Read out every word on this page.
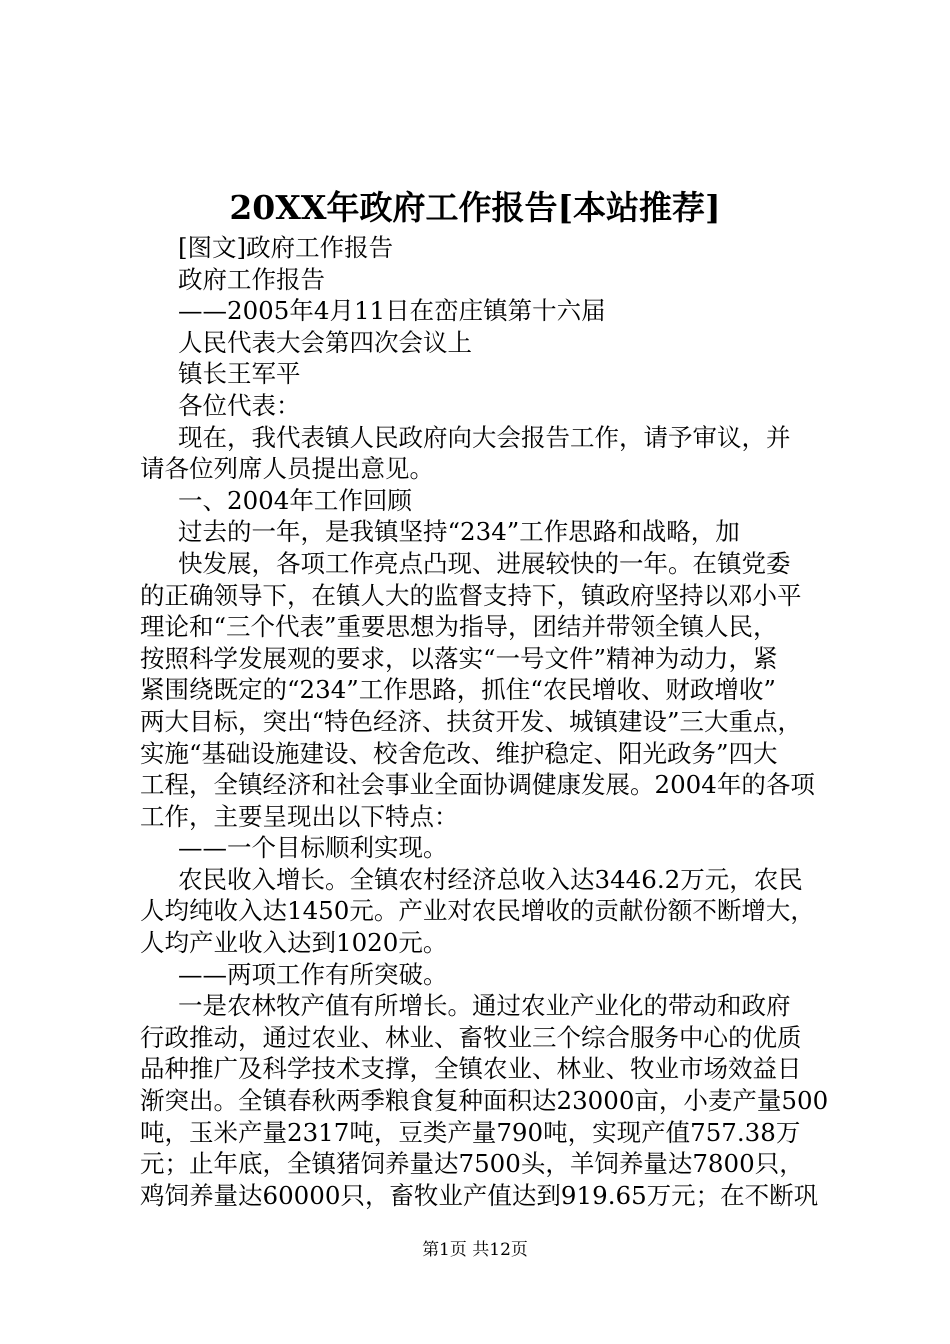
20XX年政府工作报告[本站推荐]

[图文]政府工作报告

政府工作报告

——2005年4月11日在峦庄镇第十六届

人民代表大会第四次会议上

镇长王军平

各位代表：

现在，我代表镇人民政府向大会报告工作，请予审议，并

请各位列席人员提出意见。

一、2004年工作回顾

过去的一年，是我镇坚持“234”工作思路和战略，加

快发展，各项工作亮点凸现、进展较快的一年。在镇党委

的正确领导下，在镇人大的监督支持下，镇政府坚持以邓小平

理论和“三个代表”重要思想为指导，团结并带领全镇人民，

按照科学发展观的要求，以落实“一号文件”精神为动力，紧

紧围绕既定的“234”工作思路，抓住“农民增收、财政增收”

两大目标，突出“特色经济、扶贫开发、城镇建设”三大重点，

实施“基础设施建设、校舍危改、维护稳定、阳光政务”四大

工程，全镇经济和社会事业全面协调健康发展。2004年的各项

工作，主要呈现出以下特点：

——一个目标顺利实现。

农民收入增长。全镇农村经济总收入达3446.2万元，农民

人均纯收入达1450元。产业对农民增收的贡献份额不断增大，

人均产业收入达到1020元。

——两项工作有所突破。

一是农林牧产值有所增长。通过农业产业化的带动和政府

行政推动，通过农业、林业、畜牧业三个综合服务中心的优质

品种推广及科学技术支撑，全镇农业、林业、牧业市场效益日

渐突出。全镇春秋两季粮食复种面积达23000亩，小麦产量500

吨，玉米产量2317吨，豆类产量790吨，实现产值757.38万

元；止年底，全镇猪饲养量达7500头，羊饲养量达7800只，

鸡饲养量达60000只，畜牧业产值达到919.65万元；在不断巩

第1页 共12页
